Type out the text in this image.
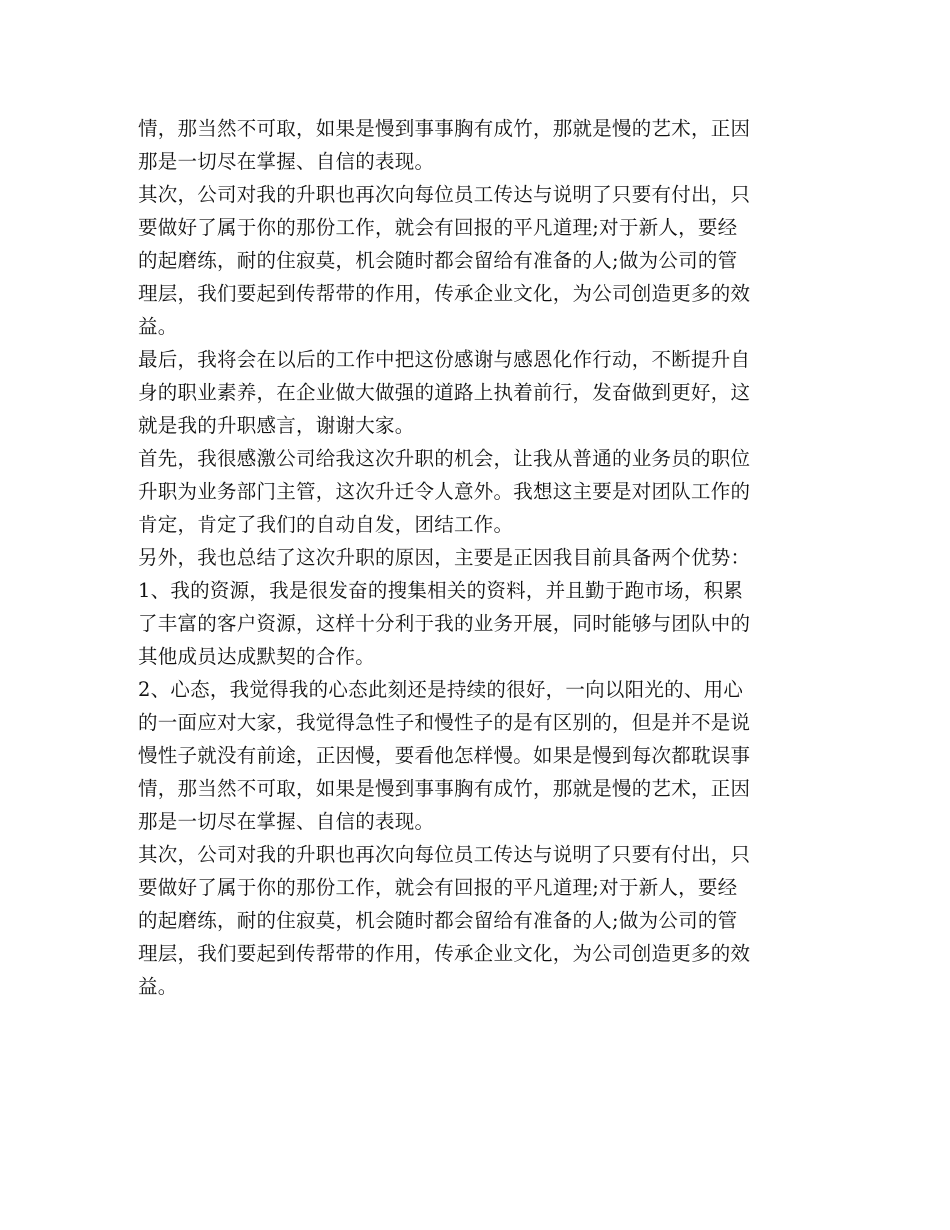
情，那当然不可取，如果是慢到事事胸有成竹，那就是慢的艺术，正因
那是一切尽在掌握、自信的表现。
其次，公司对我的升职也再次向每位员工传达与说明了只要有付出，只
要做好了属于你的那份工作，就会有回报的平凡道理;对于新人，要经
的起磨练，耐的住寂莫，机会随时都会留给有准备的人;做为公司的管
理层，我们要起到传帮带的作用，传承企业文化，为公司创造更多的效
益。
最后，我将会在以后的工作中把这份感谢与感恩化作行动，不断提升自
身的职业素养，在企业做大做强的道路上执着前行，发奋做到更好，这
就是我的升职感言，谢谢大家。
首先，我很感激公司给我这次升职的机会，让我从普通的业务员的职位
升职为业务部门主管，这次升迁令人意外。我想这主要是对团队工作的
肯定，肯定了我们的自动自发，团结工作。
另外，我也总结了这次升职的原因，主要是正因我目前具备两个优势：
1、我的资源，我是很发奋的搜集相关的资料，并且勤于跑市场，积累
了丰富的客户资源，这样十分利于我的业务开展，同时能够与团队中的
其他成员达成默契的合作。
2、心态，我觉得我的心态此刻还是持续的很好，一向以阳光的、用心
的一面应对大家，我觉得急性子和慢性子的是有区别的，但是并不是说
慢性子就没有前途，正因慢，要看他怎样慢。如果是慢到每次都耽误事
情，那当然不可取，如果是慢到事事胸有成竹，那就是慢的艺术，正因
那是一切尽在掌握、自信的表现。
其次，公司对我的升职也再次向每位员工传达与说明了只要有付出，只
要做好了属于你的那份工作，就会有回报的平凡道理;对于新人，要经
的起磨练，耐的住寂莫，机会随时都会留给有准备的人;做为公司的管
理层，我们要起到传帮带的作用，传承企业文化，为公司创造更多的效
益。
